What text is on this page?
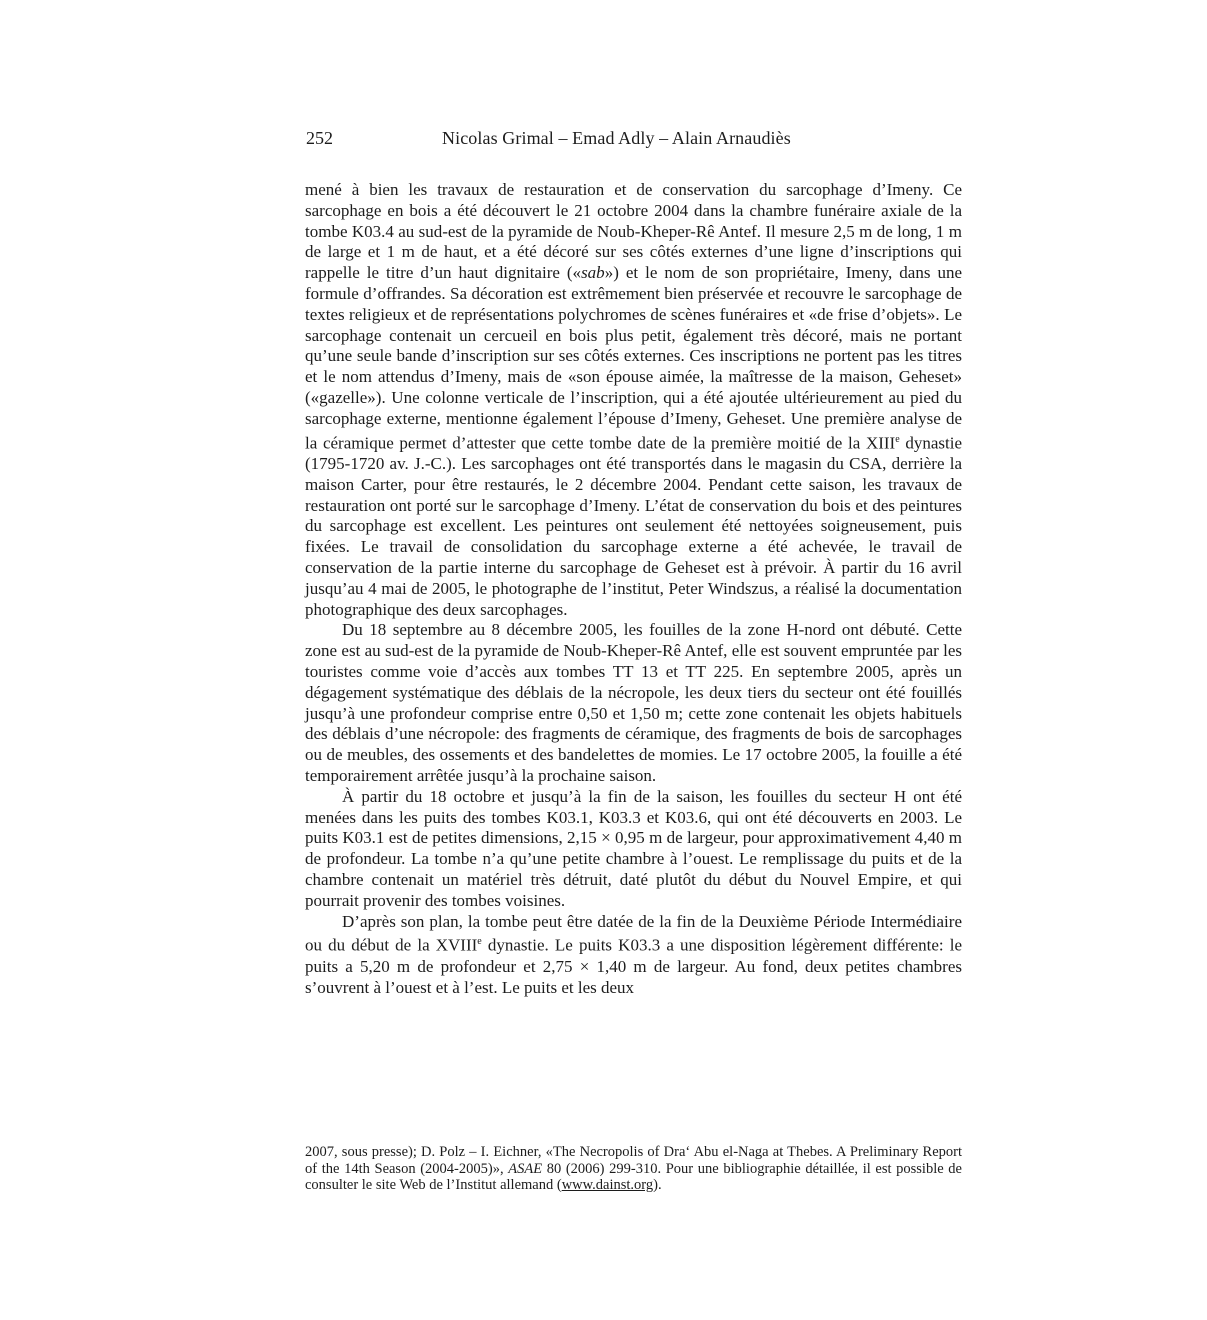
252	Nicolas Grimal – Emad Adly – Alain Arnaudiès

mené à bien les travaux de restauration et de conservation du sarcophage d’Imeny. Ce sarcophage en bois a été découvert le 21 octobre 2004 dans la chambre funéraire axiale de la tombe K03.4 au sud-est de la pyramide de Noub-Kheper-Rê Antef. Il mesure 2,5 m de long, 1 m de large et 1 m de haut, et a été décoré sur ses côtés externes d’une ligne d’inscriptions qui rappelle le titre d’un haut dignitaire («sab») et le nom de son propriétaire, Imeny, dans une formule d’offrandes. Sa décoration est extrêmement bien préservée et recouvre le sarcophage de textes religieux et de représentations polychromes de scènes funéraires et «de frise d’objets». Le sarcophage contenait un cercueil en bois plus petit, également très décoré, mais ne portant qu’une seule bande d’inscription sur ses côtés externes. Ces inscriptions ne portent pas les titres et le nom attendus d’Imeny, mais de «son épouse aimée, la maîtresse de la maison, Geheset» («gazelle»). Une colonne verticale de l’inscription, qui a été ajoutée ultérieurement au pied du sarcophage externe, mentionne également l’épouse d’Imeny, Geheset. Une première analyse de la céramique permet d’attester que cette tombe date de la première moitié de la XIIIe dynastie (1795-1720 av. J.-C.). Les sarcophages ont été transportés dans le magasin du CSA, derrière la maison Carter, pour être restaurés, le 2 décembre 2004. Pendant cette saison, les travaux de restauration ont porté sur le sarcophage d’Imeny. L’état de conservation du bois et des peintures du sarcophage est excellent. Les peintures ont seulement été nettoyées soigneusement, puis fixées. Le travail de consolidation du sarcophage externe a été achevée, le travail de conservation de la partie interne du sarcophage de Geheset est à prévoir. À partir du 16 avril jusqu’au 4 mai de 2005, le photographe de l’institut, Peter Windszus, a réalisé la documentation photographique des deux sarcophages.

Du 18 septembre au 8 décembre 2005, les fouilles de la zone H-nord ont débuté. Cette zone est au sud-est de la pyramide de Noub-Kheper-Rê Antef, elle est souvent empruntée par les touristes comme voie d’accès aux tombes TT 13 et TT 225. En septembre 2005, après un dégagement systématique des déblais de la nécropole, les deux tiers du secteur ont été fouillés jusqu’à une profondeur comprise entre 0,50 et 1,50 m; cette zone contenait les objets habituels des déblais d’une nécropole: des fragments de céramique, des fragments de bois de sarcophages ou de meubles, des ossements et des bandelettes de momies. Le 17 octobre 2005, la fouille a été temporairement arrêtée jusqu’à la prochaine saison.

À partir du 18 octobre et jusqu’à la fin de la saison, les fouilles du secteur H ont été menées dans les puits des tombes K03.1, K03.3 et K03.6, qui ont été découverts en 2003. Le puits K03.1 est de petites dimensions, 2,15 × 0,95 m de largeur, pour approximativement 4,40 m de profondeur. La tombe n’a qu’une petite chambre à l’ouest. Le remplissage du puits et de la chambre contenait un matériel très détruit, daté plutôt du début du Nouvel Empire, et qui pourrait provenir des tombes voisines.

D’après son plan, la tombe peut être datée de la fin de la Deuxième Période Intermédiaire ou du début de la XVIIIe dynastie. Le puits K03.3 a une disposition légèrement différente: le puits a 5,20 m de profondeur et 2,75 × 1,40 m de largeur. Au fond, deux petites chambres s’ouvrent à l’ouest et à l’est. Le puits et les deux

2007, sous presse); D. Polz – I. Eichner, «The Necropolis of Dra‘ Abu el-Naga at Thebes. A Preliminary Report of the 14th Season (2004-2005)», ASAE 80 (2006) 299-310. Pour une bibliographie détaillée, il est possible de consulter le site Web de l’Institut allemand (www.dainst.org).
